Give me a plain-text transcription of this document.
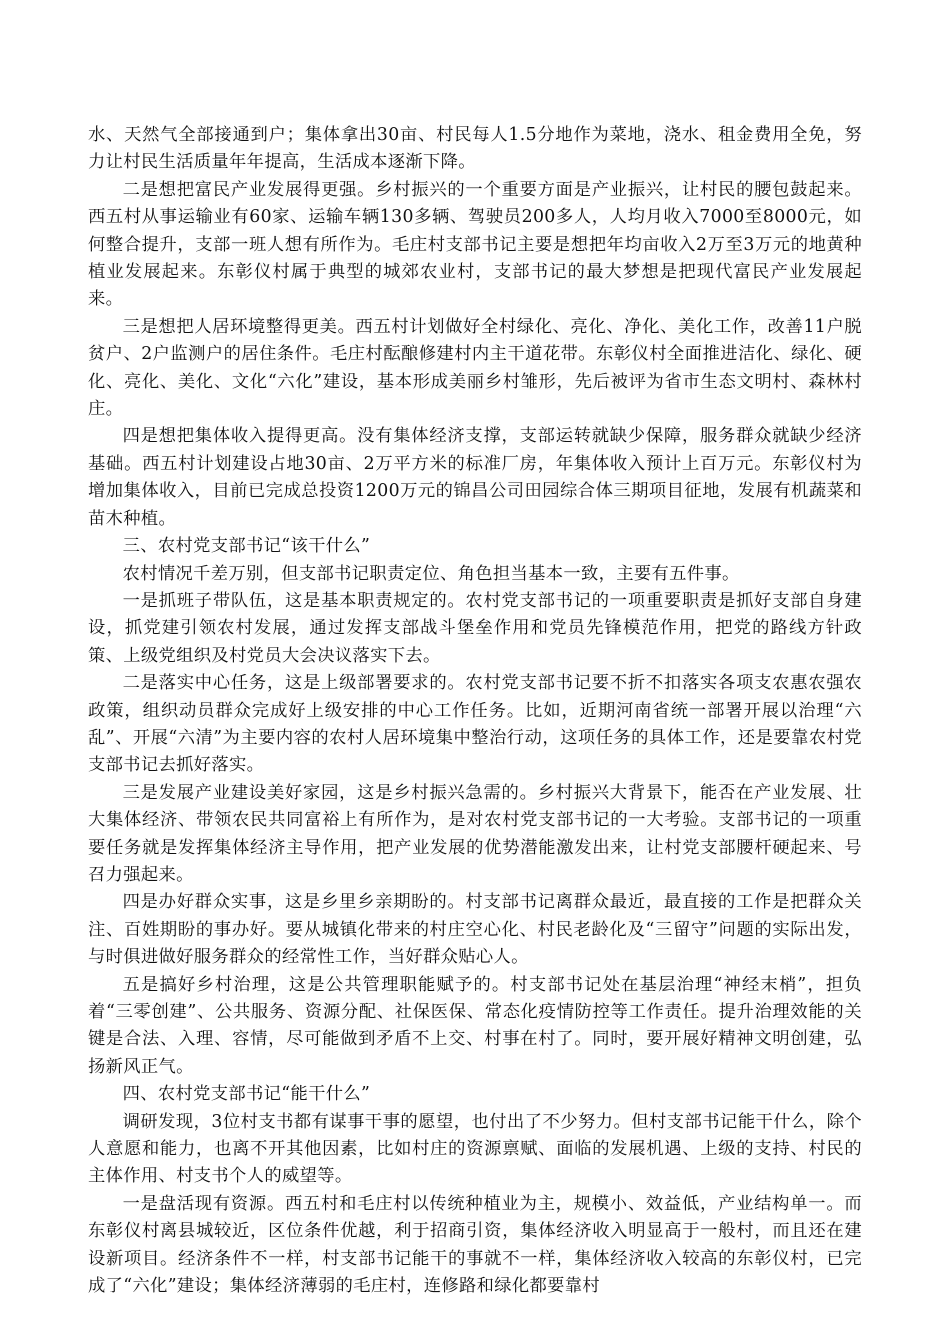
水、天然气全部接通到户；集体拿出30亩、村民每人1.5分地作为菜地，浇水、租金费用全免，努力让村民生活质量年年提高，生活成本逐渐下降。

二是想把富民产业发展得更强。乡村振兴的一个重要方面是产业振兴，让村民的腰包鼓起来。西五村从事运输业有60家、运输车辆130多辆、驾驶员200多人，人均月收入7000至8000元，如何整合提升，支部一班人想有所作为。毛庄村支部书记主要是想把年均亩收入2万至3万元的地黄种植业发展起来。东彰仪村属于典型的城郊农业村，支部书记的最大梦想是把现代富民产业发展起来。

三是想把人居环境整得更美。西五村计划做好全村绿化、亮化、净化、美化工作，改善11户脱贫户、2户监测户的居住条件。毛庄村酝酿修建村内主干道花带。东彰仪村全面推进洁化、绿化、硬化、亮化、美化、文化“六化”建设，基本形成美丽乡村雏形，先后被评为省市生态文明村、森林村庄。

四是想把集体收入提得更高。没有集体经济支撑，支部运转就缺少保障，服务群众就缺少经济基础。西五村计划建设占地30亩、2万平方米的标准厂房，年集体收入预计上百万元。东彰仪村为增加集体收入，目前已完成总投资1200万元的锦昌公司田园综合体三期项目征地，发展有机蔬菜和苗木种植。

三、农村党支部书记“该干什么”

农村情况千差万别，但支部书记职责定位、角色担当基本一致，主要有五件事。

一是抓班子带队伍，这是基本职责规定的。农村党支部书记的一项重要职责是抓好支部自身建设，抓党建引领农村发展，通过发挥支部战斗堡垒作用和党员先锋模范作用，把党的路线方针政策、上级党组织及村党员大会决议落实下去。

二是落实中心任务，这是上级部署要求的。农村党支部书记要不折不扣落实各项支农惠农强农政策，组织动员群众完成好上级安排的中心工作任务。比如，近期河南省统一部署开展以治理“六乱”、开展“六清”为主要内容的农村人居环境集中整治行动，这项任务的具体工作，还是要靠农村党支部书记去抓好落实。

三是发展产业建设美好家园，这是乡村振兴急需的。乡村振兴大背景下，能否在产业发展、壮大集体经济、带领农民共同富裕上有所作为，是对农村党支部书记的一大考验。支部书记的一项重要任务就是发挥集体经济主导作用，把产业发展的优势潜能激发出来，让村党支部腰杆硬起来、号召力强起来。

四是办好群众实事，这是乡里乡亲期盼的。村支部书记离群众最近，最直接的工作是把群众关注、百姓期盼的事办好。要从城镇化带来的村庄空心化、村民老龄化及“三留守”问题的实际出发，与时俱进做好服务群众的经常性工作，当好群众贴心人。

五是搞好乡村治理，这是公共管理职能赋予的。村支部书记处在基层治理“神经末梢”，担负着“三零创建”、公共服务、资源分配、社保医保、常态化疫情防控等工作责任。提升治理效能的关键是合法、入理、容情，尽可能做到矛盾不上交、村事在村了。同时，要开展好精神文明创建，弘扬新风正气。

四、农村党支部书记“能干什么”

调研发现，3位村支书都有谋事干事的愿望，也付出了不少努力。但村支部书记能干什么，除个人意愿和能力，也离不开其他因素，比如村庄的资源禀赋、面临的发展机遇、上级的支持、村民的主体作用、村支书个人的威望等。

一是盘活现有资源。西五村和毛庄村以传统种植业为主，规模小、效益低，产业结构单一。而东彰仪村离县城较近，区位条件优越，利于招商引资，集体经济收入明显高于一般村，而且还在建设新项目。经济条件不一样，村支部书记能干的事就不一样，集体经济收入较高的东彰仪村，已完成了“六化”建设；集体经济薄弱的毛庄村，连修路和绿化都要靠村
